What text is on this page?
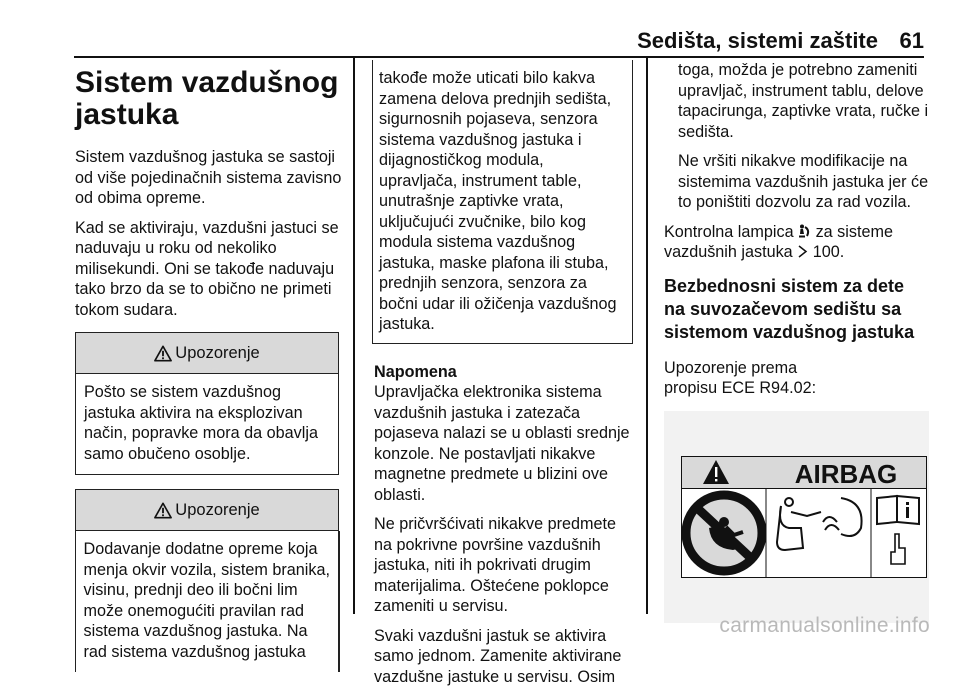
Sedišta, sistemi zaštite 61
Sistem vazdušnog jastuka

Sistem vazdušnog jastuka se sastoji od više pojedinačnih sistema zavisno od obima opreme.

Kad se aktiviraju, vazdušni jastuci se naduvaju u roku od nekoliko milisekundi. Oni se takođe naduvaju tako brzo da se to obično ne primeti tokom sudara.

Upozorenje
Pošto se sistem vazdušnog jastuka aktivira na eksplozivan način, popravke mora da obavlja samo obučeno osoblje.
Upozorenje
Dodavanje dodatne opreme koja menja okvir vozila, sistem branika, visinu, prednji deo ili bočni lim može onemogućiti pravilan rad sistema vazdušnog jastuka. Na rad sistema vazdušnog jastuka
takođe može uticati bilo kakva zamena delova prednjih sedišta, sigurnosnih pojaseva, senzora sistema vazdušnog jastuka i dijagnostičkog modula, upravljača, instrument table, unutrašnje zaptivke vrata, uključujući zvučnike, bilo kog modula sistema vazdušnog jastuka, maske plafona ili stuba, prednjih senzora, senzora za bočni udar ili ožičenja vazdušnog jastuka.
Napomena

Upravljačka elektronika sistema vazdušnih jastuka i zatezača pojaseva nalazi se u oblasti srednje konzole. Ne postavljati nikakve magnetne predmete u blizini ove oblasti.

Ne pričvršćivati nikakve predmete na pokrivne površine vazdušnih jastuka, niti ih pokrivati drugim materijalima. Oštećene poklopce zameniti u servisu.

Svaki vazdušni jastuk se aktivira samo jednom. Zamenite aktivirane vazdušne jastuke u servisu. Osim

toga, možda je potrebno zameniti upravljač, instrument tablu, delove tapacirunga, zaptivke vrata, ručke i sedišta.

Ne vršiti nikakve modifikacije na sistemima vazdušnih jastuka jer će to poništiti dozvolu za rad vozila.

Kontrolna lampica za sisteme vazdušnih jastuka 100.

Bezbednosni sistem za dete na suvozačevom sedištu sa sistemom vazdušnog jastuka

Upozorenje prema propisu ECE R94.02:

AIRBAG
carmanualsonline.info
